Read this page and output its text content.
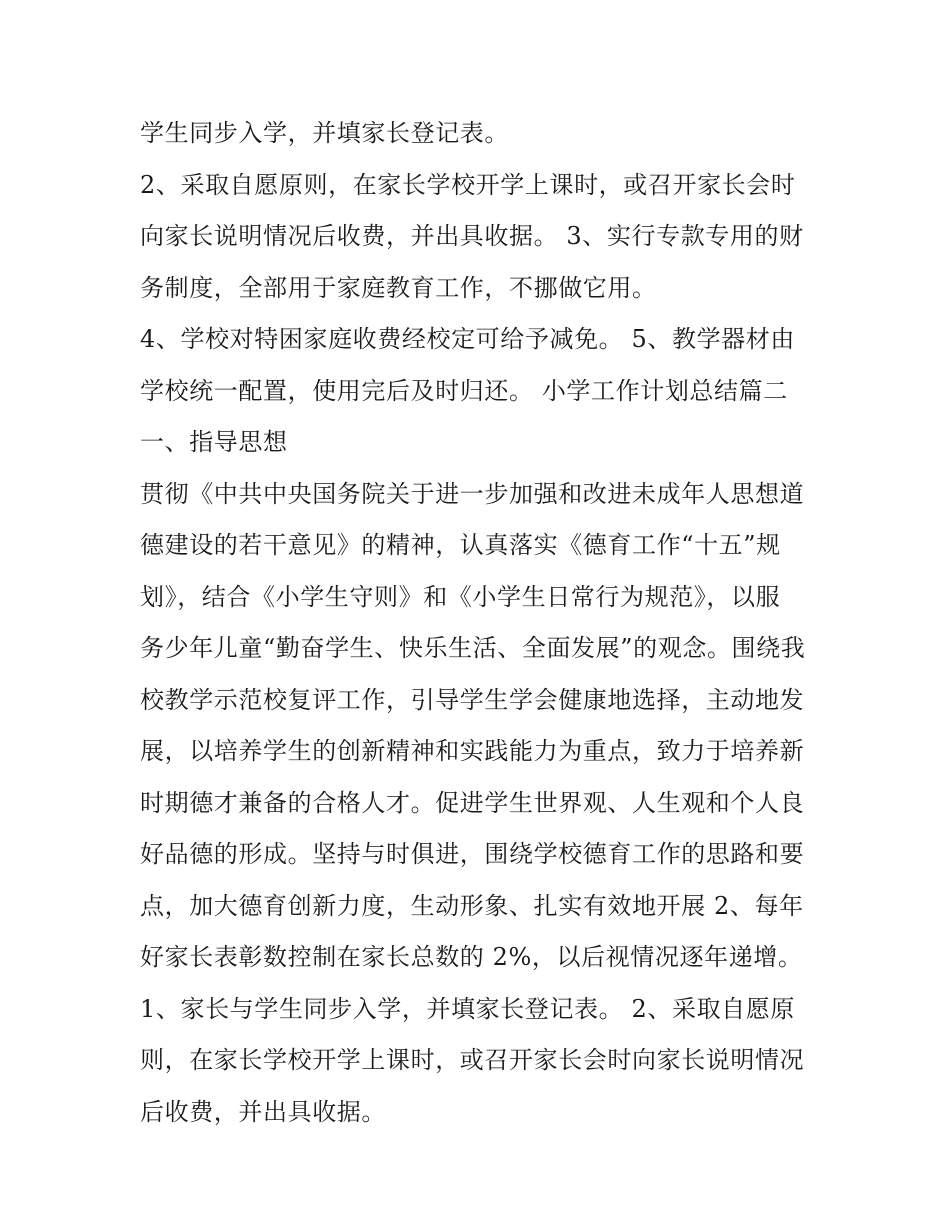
学生同步入学，并填家长登记表。
2、采取自愿原则，在家长学校开学上课时，或召开家长会时
向家长说明情况后收费，并出具收据。 3、实行专款专用的财
务制度，全部用于家庭教育工作，不挪做它用。
4、学校对特困家庭收费经校定可给予减免。 5、教学器材由
学校统一配置，使用完后及时归还。 小学工作计划总结篇二
一、指导思想
贯彻《中共中央国务院关于进一步加强和改进未成年人思想道
德建设的若干意见》的精神，认真落实《德育工作“十五”规
划》，结合《小学生守则》和《小学生日常行为规范》，以服
务少年儿童“勤奋学生、快乐生活、全面发展”的观念。围绕我
校教学示范校复评工作，引导学生学会健康地选择，主动地发
展，以培养学生的创新精神和实践能力为重点，致力于培养新
时期德才兼备的合格人才。促进学生世界观、人生观和个人良
好品德的形成。坚持与时俱进，围绕学校德育工作的思路和要
点，加大德育创新力度，生动形象、扎实有效地开展 2、每年
好家长表彰数控制在家长总数的 2%，以后视情况逐年递增。
1、家长与学生同步入学，并填家长登记表。 2、采取自愿原
则，在家长学校开学上课时，或召开家长会时向家长说明情况
后收费，并出具收据。
